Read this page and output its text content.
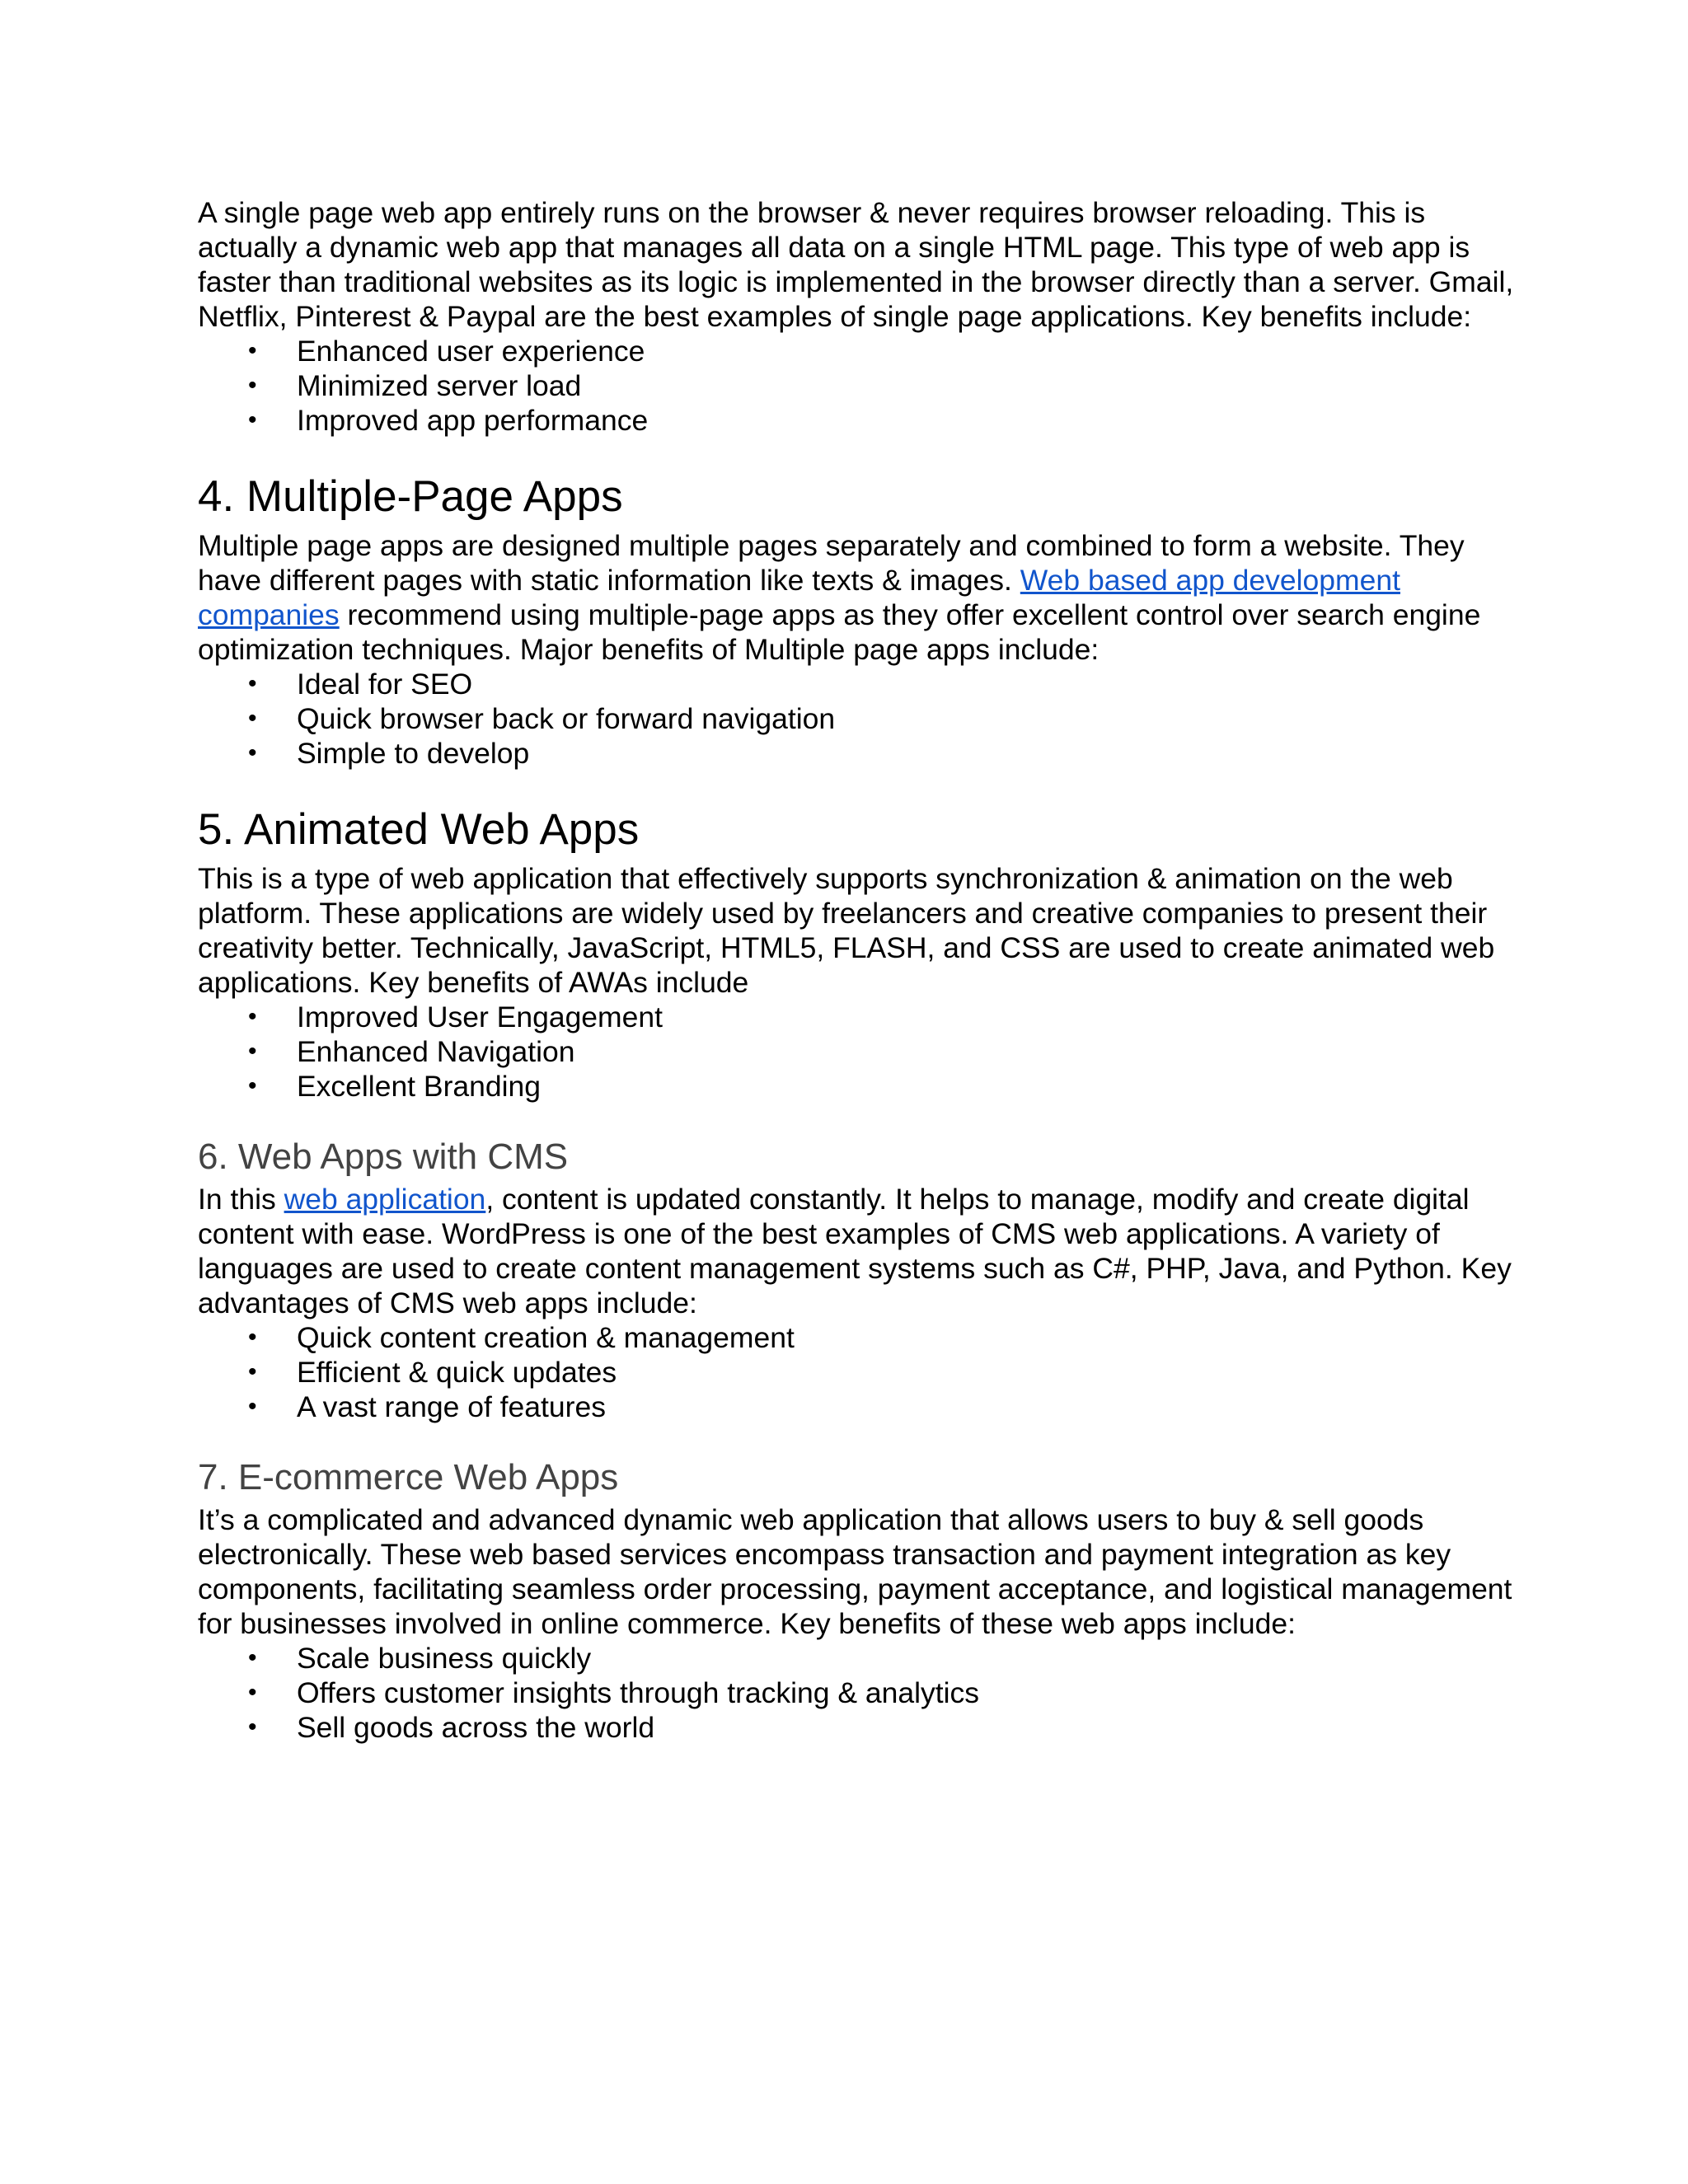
A single page web app entirely runs on the browser & never requires browser reloading. This is actually a dynamic web app that manages all data on a single HTML page. This type of web app is faster than traditional websites as its logic is implemented in the browser directly than a server. Gmail, Netflix, Pinterest & Paypal are the best examples of single page applications. Key benefits include:

• Enhanced user experience
• Minimized server load
• Improved app performance
4. Multiple-Page Apps

Multiple page apps are designed multiple pages separately and combined to form a website. They have different pages with static information like texts & images. Web based app development companies recommend using multiple-page apps as they offer excellent control over search engine optimization techniques. Major benefits of Multiple page apps include:

• Ideal for SEO
• Quick browser back or forward navigation
• Simple to develop
5. Animated Web Apps

This is a type of web application that effectively supports synchronization & animation on the web platform. These applications are widely used by freelancers and creative companies to present their creativity better. Technically, JavaScript, HTML5, FLASH, and CSS are used to create animated web applications. Key benefits of AWAs include

• Improved User Engagement
• Enhanced Navigation
• Excellent Branding
6. Web Apps with CMS

In this web application, content is updated constantly. It helps to manage, modify and create digital content with ease. WordPress is one of the best examples of CMS web applications. A variety of languages are used to create content management systems such as C#, PHP, Java, and Python. Key advantages of CMS web apps include:

• Quick content creation & management
• Efficient & quick updates
• A vast range of features
7. E-commerce Web Apps

It’s a complicated and advanced dynamic web application that allows users to buy & sell goods electronically. These web based services encompass transaction and payment integration as key components, facilitating seamless order processing, payment acceptance, and logistical management for businesses involved in online commerce. Key benefits of these web apps include:

• Scale business quickly
• Offers customer insights through tracking & analytics
• Sell goods across the world
